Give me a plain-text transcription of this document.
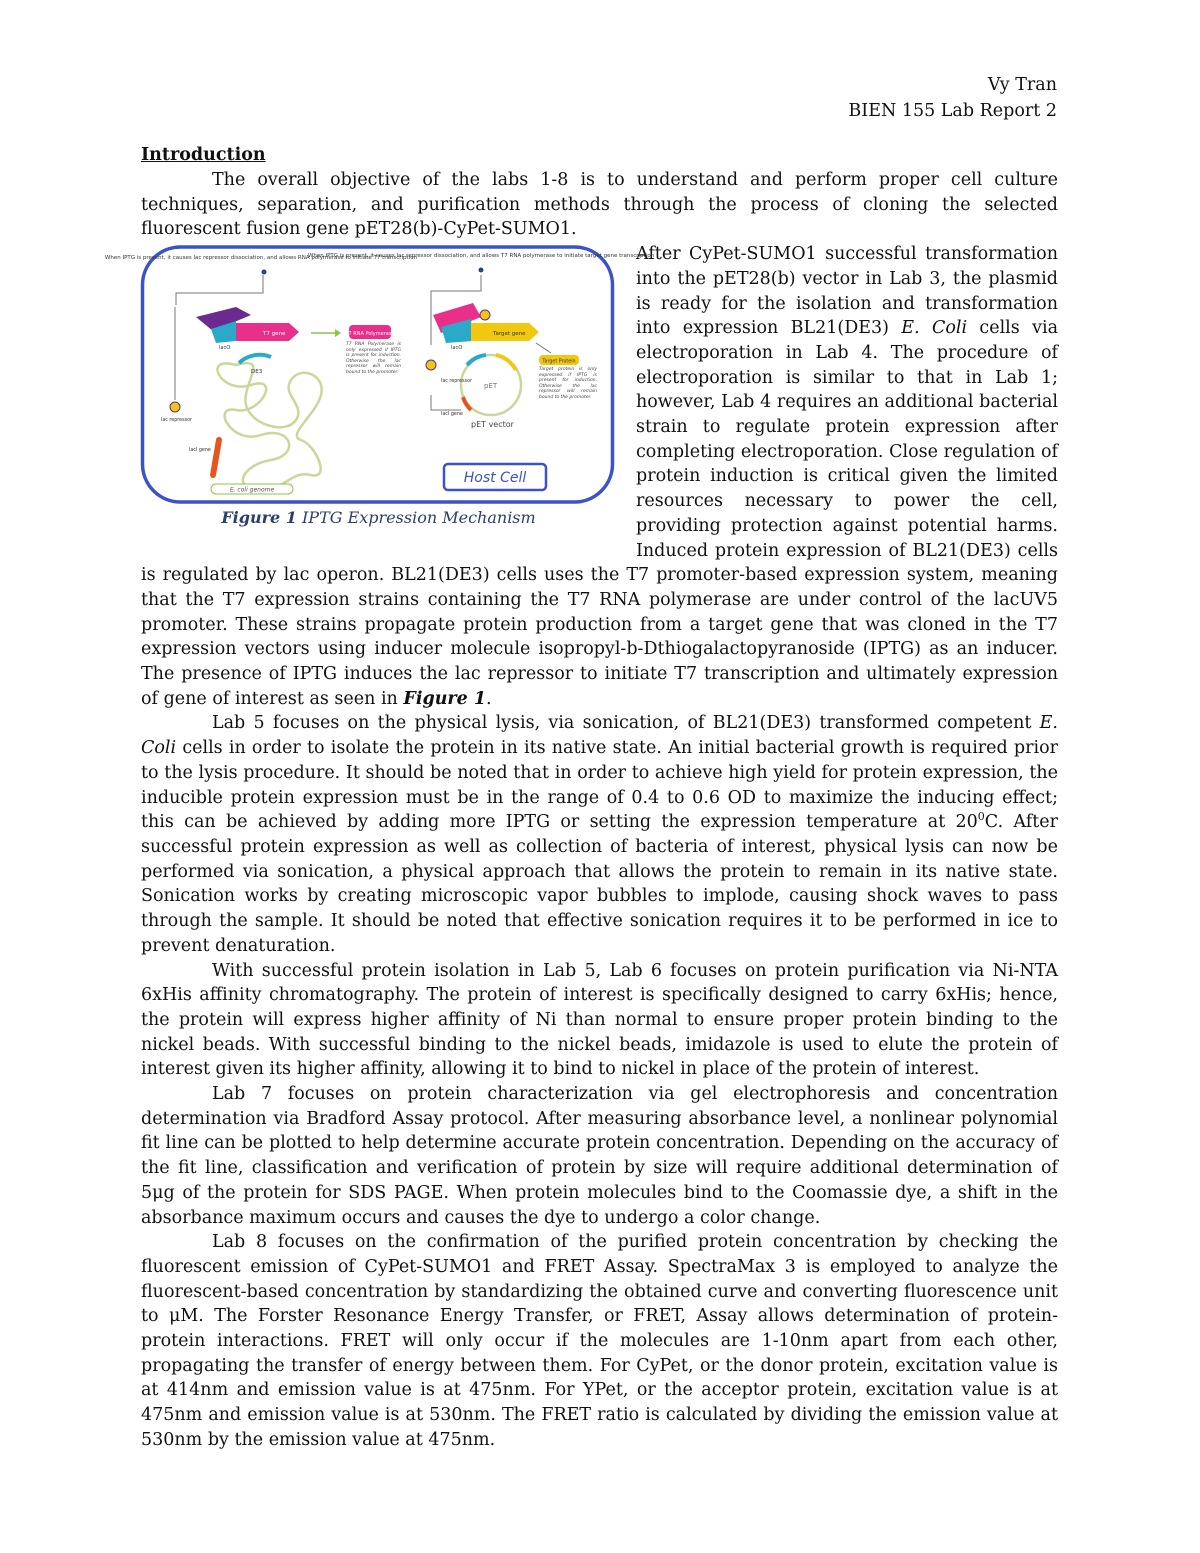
Vy Tran
BIEN 155 Lab Report 2
Introduction

The overall objective of the labs 1-8 is to understand and perform proper cell culture techniques, separation, and purification methods through the process of cloning the selected fluorescent fusion gene pET28(b)-CyPet-SUMO1.

When IPTG is present, it causes lac repressor dissociation, and allows RNA polymerase to initiate T7 transcription
When IPTG is present, it causes lac repressor dissociation, and allows T7 RNA polymerase to initiate target gene transcription
T7 gene
lacO
T7 RNA Polymerase
T7 RNA Polymerase is only expressed if IPTG is present for induction. Otherwise the lac repressor will remain bound to the promoter.
Target gene
lacO
Target Protein
Target protein is only expressed if IPTG is present for induction. Otherwise the lac repressor will remain bound to the promoter.
pET
lac repressor
lacI gene
pET vector
DE3
lacI gene
lac repressor
E. coli genome
Host Cell
Figure 1 IPTG Expression Mechanism

After CyPet-SUMO1 successful transformation into the pET28(b) vector in Lab 3, the plasmid is ready for the isolation and transformation into expression BL21(DE3) E. Coli cells via electroporation in Lab 4. The procedure of electroporation is similar to that in Lab 1; however, Lab 4 requires an additional bacterial strain to regulate protein expression after completing electroporation. Close regulation of protein induction is critical given the limited resources necessary to power the cell, providing protection against potential harms. Induced protein expression of BL21(DE3) cells is regulated by lac operon. BL21(DE3) cells uses the T7 promoter-based expression system, meaning that the T7 expression strains containing the T7 RNA polymerase are under control of the lacUV5 promoter. These strains propagate protein production from a target gene that was cloned in the T7 expression vectors using inducer molecule isopropyl-b-Dthiogalactopyranoside (IPTG) as an inducer. The presence of IPTG induces the lac repressor to initiate T7 transcription and ultimately expression of gene of interest as seen in Figure 1.

Lab 5 focuses on the physical lysis, via sonication, of BL21(DE3) transformed competent E. Coli cells in order to isolate the protein in its native state. An initial bacterial growth is required prior to the lysis procedure. It should be noted that in order to achieve high yield for protein expression, the inducible protein expression must be in the range of 0.4 to 0.6 OD to maximize the inducing effect; this can be achieved by adding more IPTG or setting the expression temperature at $20^0C$. After successful protein expression as well as collection of bacteria of interest, physical lysis can now be performed via sonication, a physical approach that allows the protein to remain in its native state. Sonication works by creating microscopic vapor bubbles to implode, causing shock waves to pass through the sample. It should be noted that effective sonication requires it to be performed in ice to prevent denaturation.

With successful protein isolation in Lab 5, Lab 6 focuses on protein purification via Ni-NTA 6xHis affinity chromatography. The protein of interest is specifically designed to carry 6xHis; hence, the protein will express higher affinity of Ni than normal to ensure proper protein binding to the nickel beads. With successful binding to the nickel beads, imidazole is used to elute the protein of interest given its higher affinity, allowing it to bind to nickel in place of the protein of interest.

Lab 7 focuses on protein characterization via gel electrophoresis and concentration determination via Bradford Assay protocol. After measuring absorbance level, a nonlinear polynomial fit line can be plotted to help determine accurate protein concentration. Depending on the accuracy of the fit line, classification and verification of protein by size will require additional determination of 5μg of the protein for SDS PAGE. When protein molecules bind to the Coomassie dye, a shift in the absorbance maximum occurs and causes the dye to undergo a color change.

Lab 8 focuses on the confirmation of the purified protein concentration by checking the fluorescent emission of CyPet-SUMO1 and FRET Assay. SpectraMax 3 is employed to analyze the fluorescent-based concentration by standardizing the obtained curve and converting fluorescence unit to μM. The Forster Resonance Energy Transfer, or FRET, Assay allows determination of protein-protein interactions. FRET will only occur if the molecules are 1-10nm apart from each other, propagating the transfer of energy between them. For CyPet, or the donor protein, excitation value is at 414nm and emission value is at 475nm. For YPet, or the acceptor protein, excitation value is at 475nm and emission value is at 530nm. The FRET ratio is calculated by dividing the emission value at 530nm by the emission value at 475nm.
